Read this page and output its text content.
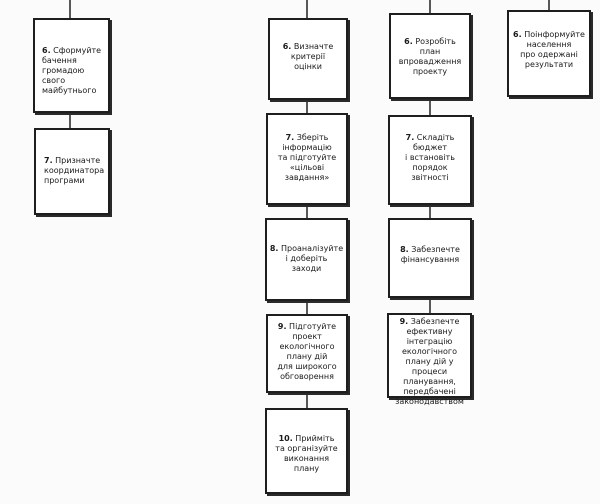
6. Сформуйте
бачення
громадою свого
майбутнього
7. Призначте
координатора
програми
6. Визначте
критерії
оцінки
7. Зберіть
інформацію
та підготуйте
«цільові
завдання»
8. Проаналізуйте
і доберіть
заходи
9. Підготуйте
проект
екологічного
плану дій
для широкого
обговорення
10. Прийміть
та організуйте
виконання
плану
6. Розробіть
план
впровадження
проекту
7. Складіть
бюджет
і встановіть
порядок
звітності
8. Забезпечте
фінансування
9. Забезпечте
ефективну
інтеграцію
екологічного
плану дій у процеси
планування,
передбачені
законодавством
6. Поінформуйте
населення
про одержані
результати
